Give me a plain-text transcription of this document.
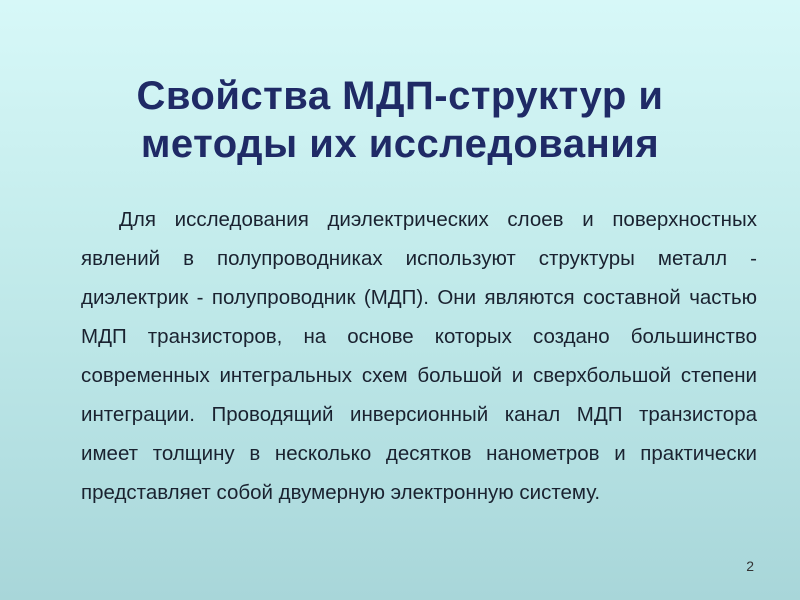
Свойства МДП-структур и
методы их исследования

Для исследования диэлектрических слоев и поверхностных явлений в полупроводниках используют структуры металл - диэлектрик - полупроводник (МДП). Они являются составной частью МДП транзисторов, на основе которых создано большинство современных интегральных схем большой и сверхбольшой степени интеграции. Проводящий инверсионный канал МДП транзистора имеет толщину в несколько десятков нанометров и практически представляет собой двумерную электронную систему.

2
